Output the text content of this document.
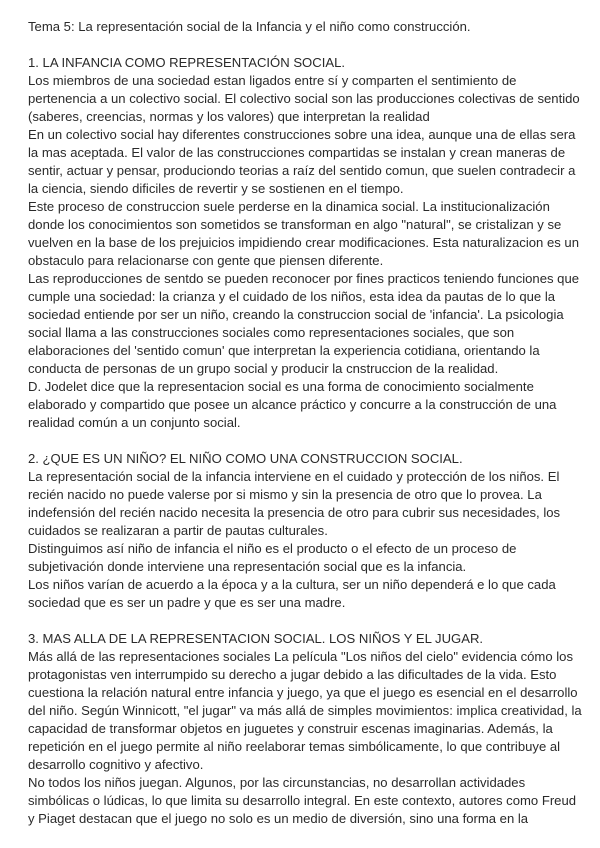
Tema 5: La representación social de la Infancia y el niño como construcción.

1. LA INFANCIA COMO REPRESENTACIÓN SOCIAL.

Los miembros de una sociedad estan ligados entre sí y comparten el sentimiento de pertenencia a un colectivo social. El colectivo social son las producciones colectivas de sentido (saberes, creencias, normas y los valores) que interpretan la realidad

En un colectivo social hay diferentes construcciones sobre una idea, aunque una de ellas sera la mas aceptada. El valor de las construcciones compartidas se instalan y crean maneras de sentir, actuar y pensar, produciondo teorias a raíz del sentido comun, que suelen contradecir a la ciencia, siendo dificiles de revertir y se sostienen en el tiempo.

Este proceso de construccion suele perderse en la dinamica social. La institucionalización donde los conocimientos son sometidos se transforman en algo "natural", se cristalizan y se vuelven en la base de los prejuicios impidiendo crear modificaciones. Esta naturalizacion es un obstaculo para relacionarse con gente que piensen diferente.

Las reproducciones de sentdo se pueden reconocer por fines practicos teniendo funciones que cumple una sociedad: la crianza y el cuidado de los niños, esta idea da pautas de lo que la sociedad entiende por ser un niño, creando la construccion social de 'infancia'. La psicologia social llama a las construcciones sociales como representaciones sociales, que son elaboraciones del 'sentido comun' que interpretan la experiencia cotidiana, orientando la conducta de personas de un grupo social y producir la cnstruccion de la realidad.

D. Jodelet dice que la representacion social es una forma de conocimiento socialmente elaborado y compartido que posee un alcance práctico y concurre a la construcción de una realidad común a un conjunto social.

2. ¿QUE ES UN NIÑO? EL NIÑO COMO UNA CONSTRUCCION SOCIAL.

La representación social de la infancia interviene en el cuidado y protección de los niños. El recién nacido no puede valerse por si mismo y sin la presencia de otro que lo provea. La indefensión del recién nacido necesita la presencia de otro para cubrir sus necesidades, los cuidados se realizaran a partir de pautas culturales.

Distinguimos así niño de infancia el niño es el producto o el efecto de un proceso de subjetivación donde interviene una representación social que es la infancia.

Los niños varían de acuerdo a la época y a la cultura, ser un niño dependerá e lo que cada sociedad que es ser un padre y que es ser una madre.

3. MAS ALLA DE LA REPRESENTACION SOCIAL. LOS NIÑOS Y EL JUGAR.

Más allá de las representaciones sociales La película "Los niños del cielo" evidencia cómo los protagonistas ven interrumpido su derecho a jugar debido a las dificultades de la vida. Esto cuestiona la relación natural entre infancia y juego, ya que el juego es esencial en el desarrollo del niño. Según Winnicott, "el jugar" va más allá de simples movimientos: implica creatividad, la capacidad de transformar objetos en juguetes y construir escenas imaginarias. Además, la repetición en el juego permite al niño reelaborar temas simbólicamente, lo que contribuye al desarrollo cognitivo y afectivo.

No todos los niños juegan. Algunos, por las circunstancias, no desarrollan actividades simbólicas o lúdicas, lo que limita su desarrollo integral. En este contexto, autores como Freud y Piaget destacan que el juego no solo es un medio de diversión, sino una forma en la
